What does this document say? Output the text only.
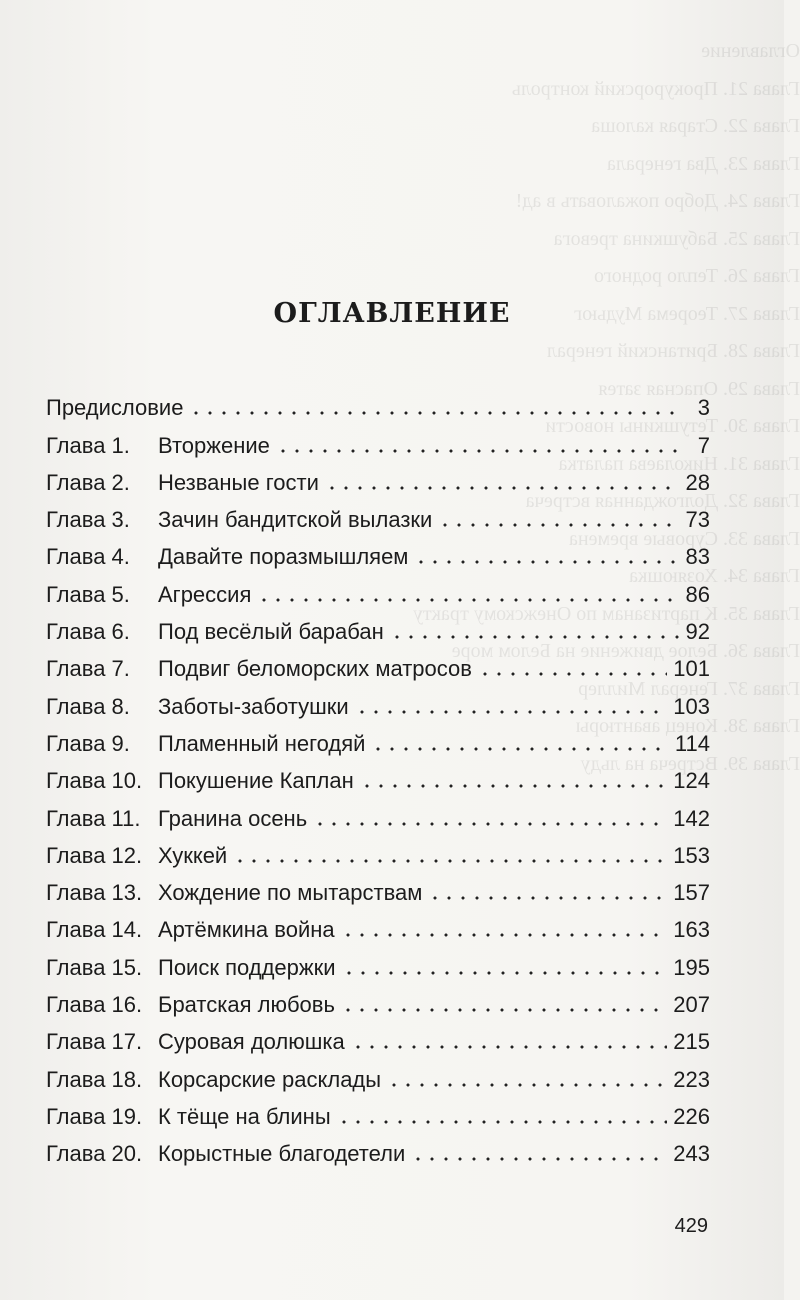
Оглавление
Глава 21. Прокурорский контроль
Глава 22. Старая калоша
Глава 23. Два генерала
Глава 24. Добро пожаловать в ад!
Глава 25. Бабушкина тревога
Глава 26. Тепло родного
Глава 27. Теорема Мудьюг
Глава 28. Британский генерал
Глава 29. Опасная затея
Глава 30. Тетушкины новости
Глава 31. Николаева палатка
Глава 32. Долгожданная встреча
Глава 33. Суровые времена
Глава 34. Хозяюшка
Глава 35. К партизанам по Онежскому тракту
Глава 36. Белое движение на Белом море
Глава 37. Генерал Миллер
Глава 38. Конец авантюры
Глава 39. Встреча на льду
ОГЛАВЛЕНИЕ
Предисловие	3
Глава 1.	Вторжение	7
Глава 2.	Незваные гости	28
Глава 3.	Зачин бандитской вылазки	73
Глава 4.	Давайте поразмышляем	83
Глава 5.	Агрессия	86
Глава 6.	Под весёлый барабан	92
Глава 7.	Подвиг беломорских матросов	101
Глава 8.	Заботы-заботушки	103
Глава 9.	Пламенный негодяй	114
Глава 10. Покушение Каплан	124
Глава 11. Гранина осень	142
Глава 12. Хуккей	153
Глава 13. Хождение по мытарствам	157
Глава 14. Артёмкина война	163
Глава 15. Поиск поддержки	195
Глава 16. Братская любовь	207
Глава 17. Суровая долюшка	215
Глава 18. Корсарские расклады	223
Глава 19. К тёще на блины	226
Глава 20. Корыстные благодетели	243
429
